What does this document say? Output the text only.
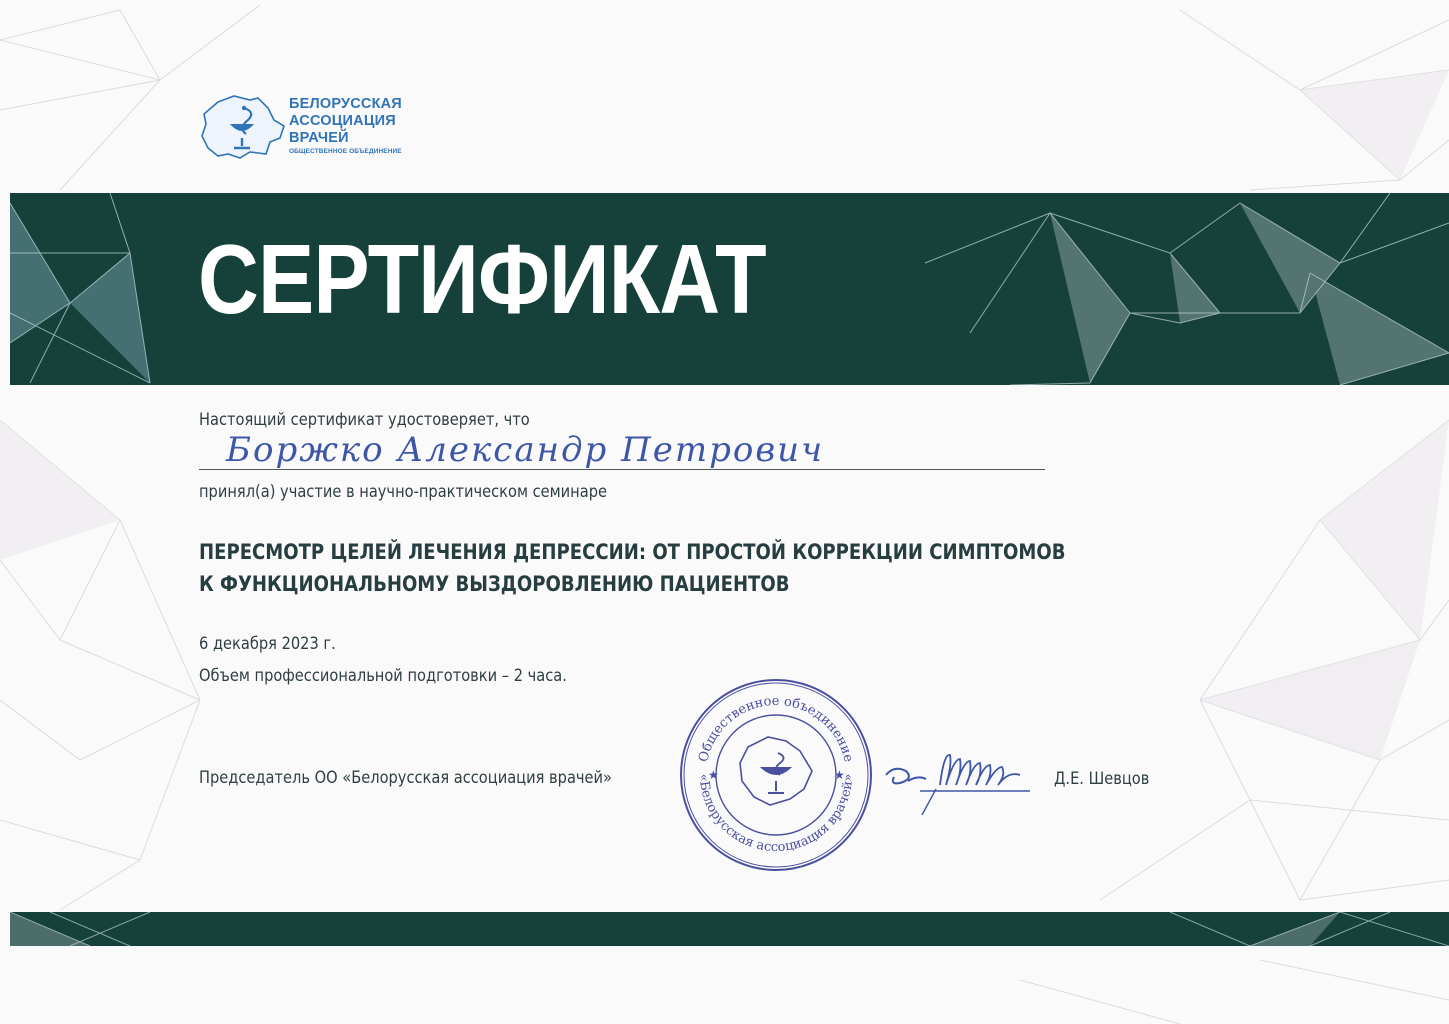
БЕЛОРУССКАЯ
АССОЦИАЦИЯ
ВРАЧЕЙ
ОБЩЕСТВЕННОЕ ОБЪЕДИНЕНИЕ
СЕРТИФИКАТ
Настоящий сертификат удостоверяет, что
Боржко Александр Петрович
принял(а) участие в научно-практическом семинаре
ПЕРЕСМОТР ЦЕЛЕЙ ЛЕЧЕНИЯ ДЕПРЕССИИ: ОТ ПРОСТОЙ КОРРЕКЦИИ СИМПТОМОВ
К ФУНКЦИОНАЛЬНОМУ ВЫЗДОРОВЛЕНИЮ ПАЦИЕНТОВ
6 декабря 2023 г.
Объем профессиональной подготовки – 2 часа.
Председатель ОО «Белорусская ассоциация врачей»	Д.Е. Шевцов
Общественное объединение
«Белорусская ассоциация врачей»
★	★
